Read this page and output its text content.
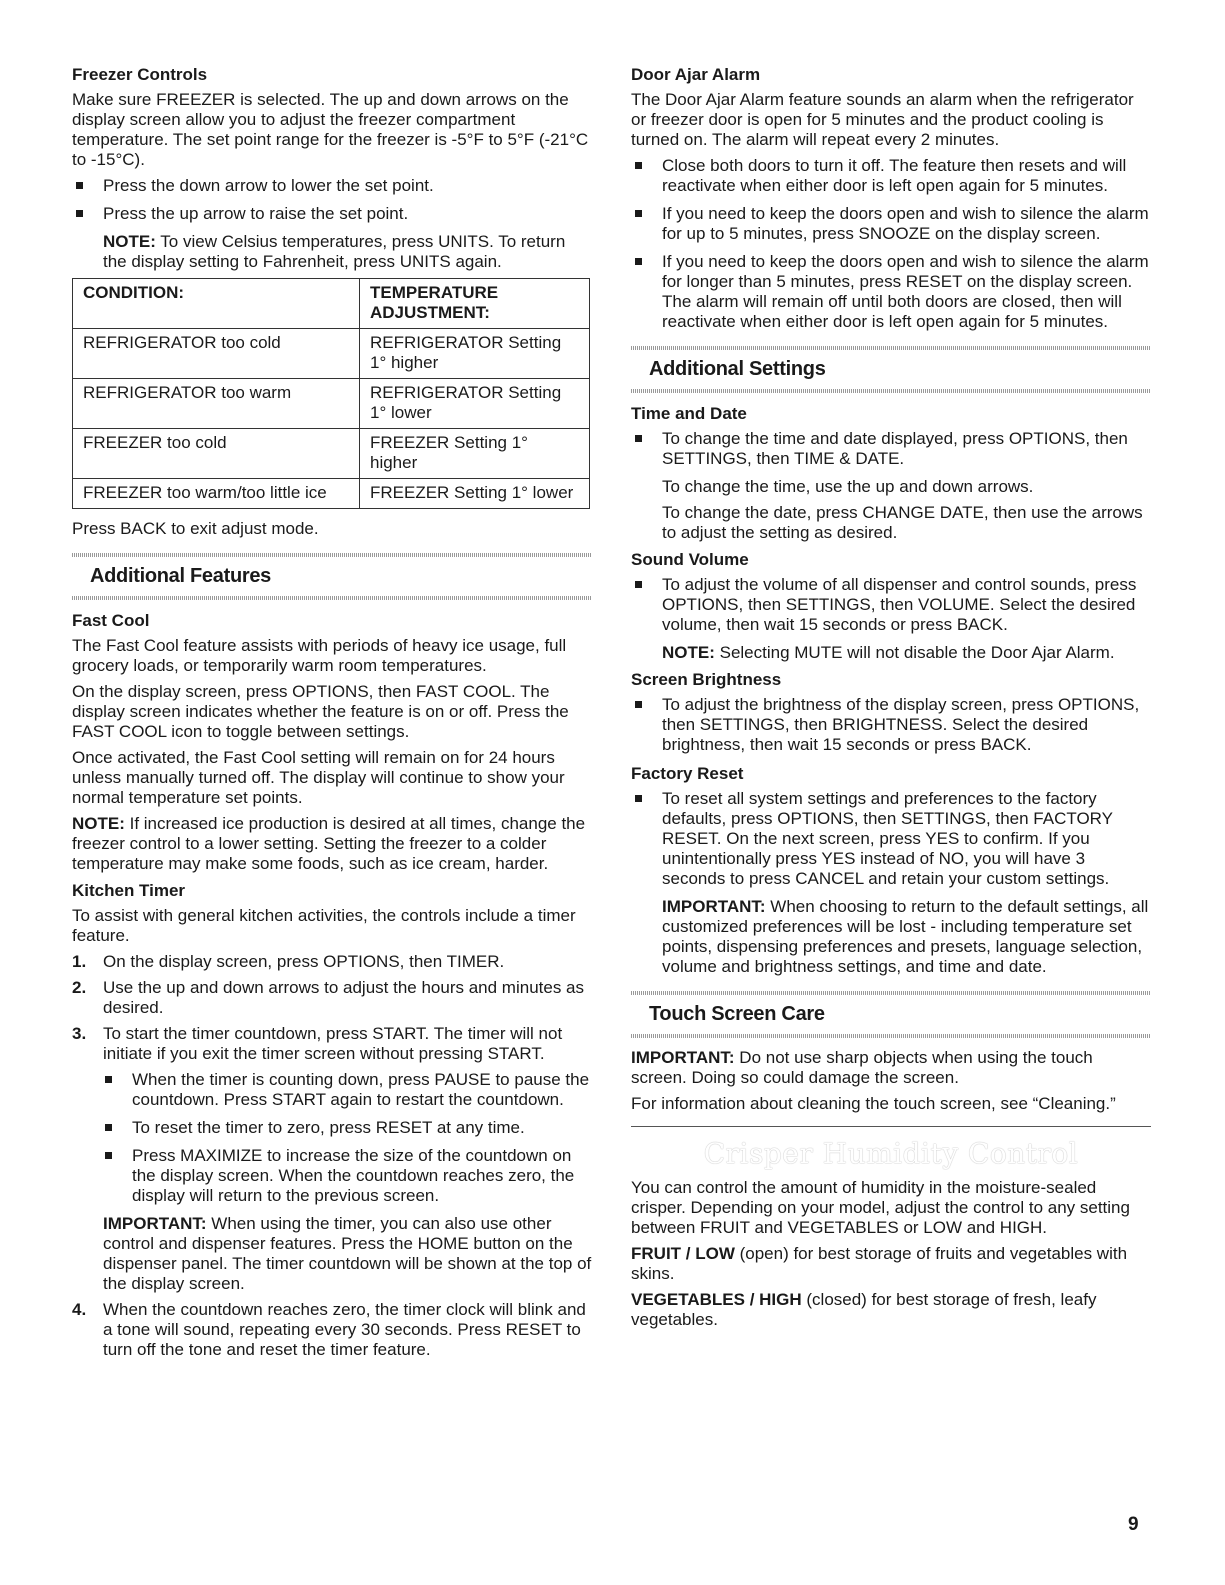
Freezer Controls

Make sure FREEZER is selected. The up and down arrows on the display screen allow you to adjust the freezer compartment temperature. The set point range for the freezer is -5°F to 5°F (-21°C to -15°C).

Press the down arrow to lower the set point.
Press the up arrow to raise the set point.

NOTE: To view Celsius temperatures, press UNITS. To return the display setting to Fahrenheit, press UNITS again.

CONDITION:	TEMPERATURE ADJUSTMENT:
REFRIGERATOR too cold	REFRIGERATOR Setting 1° higher
REFRIGERATOR too warm	REFRIGERATOR Setting 1° lower
FREEZER too cold	FREEZER Setting 1° higher
FREEZER too warm/too little ice	FREEZER Setting 1° lower

Press BACK to exit adjust mode.

Additional Features
Fast Cool

The Fast Cool feature assists with periods of heavy ice usage, full grocery loads, or temporarily warm room temperatures.

On the display screen, press OPTIONS, then FAST COOL. The display screen indicates whether the feature is on or off. Press the FAST COOL icon to toggle between settings.

Once activated, the Fast Cool setting will remain on for 24 hours unless manually turned off. The display will continue to show your normal temperature set points.

NOTE: If increased ice production is desired at all times, change the freezer control to a lower setting. Setting the freezer to a colder temperature may make some foods, such as ice cream, harder.

Kitchen Timer

To assist with general kitchen activities, the controls include a timer feature.

1. On the display screen, press OPTIONS, then TIMER.
2. Use the up and down arrows to adjust the hours and minutes as desired.
3. To start the timer countdown, press START. The timer will not initiate if you exit the timer screen without pressing START.
When the timer is counting down, press PAUSE to pause the countdown. Press START again to restart the countdown.
To reset the timer to zero, press RESET at any time.
Press MAXIMIZE to increase the size of the countdown on the display screen. When the countdown reaches zero, the display will return to the previous screen.

IMPORTANT: When using the timer, you can also use other control and dispenser features. Press the HOME button on the dispenser panel. The timer countdown will be shown at the top of the display screen.

4. When the countdown reaches zero, the timer clock will blink and a tone will sound, repeating every 30 seconds. Press RESET to turn off the tone and reset the timer feature.
Door Ajar Alarm

The Door Ajar Alarm feature sounds an alarm when the refrigerator or freezer door is open for 5 minutes and the product cooling is turned on. The alarm will repeat every 2 minutes.

Close both doors to turn it off. The feature then resets and will reactivate when either door is left open again for 5 minutes.
If you need to keep the doors open and wish to silence the alarm for up to 5 minutes, press SNOOZE on the display screen.
If you need to keep the doors open and wish to silence the alarm for longer than 5 minutes, press RESET on the display screen. The alarm will remain off until both doors are closed, then will reactivate when either door is left open again for 5 minutes.
Additional Settings
Time and Date
To change the time and date displayed, press OPTIONS, then SETTINGS, then TIME & DATE.

To change the time, use the up and down arrows.

To change the date, press CHANGE DATE, then use the arrows to adjust the setting as desired.

Sound Volume
To adjust the volume of all dispenser and control sounds, press OPTIONS, then SETTINGS, then VOLUME. Select the desired volume, then wait 15 seconds or press BACK.

NOTE: Selecting MUTE will not disable the Door Ajar Alarm.

Screen Brightness
To adjust the brightness of the display screen, press OPTIONS, then SETTINGS, then BRIGHTNESS. Select the desired brightness, then wait 15 seconds or press BACK.
Factory Reset
To reset all system settings and preferences to the factory defaults, press OPTIONS, then SETTINGS, then FACTORY RESET. On the next screen, press YES to confirm. If you unintentionally press YES instead of NO, you will have 3 seconds to press CANCEL and retain your custom settings.

IMPORTANT: When choosing to return to the default settings, all customized preferences will be lost - including temperature set points, dispensing preferences and presets, language selection, volume and brightness settings, and time and date.

Touch Screen Care

IMPORTANT: Do not use sharp objects when using the touch screen. Doing so could damage the screen.

For information about cleaning the touch screen, see “Cleaning.”

Crisper Humidity Control

You can control the amount of humidity in the moisture-sealed crisper. Depending on your model, adjust the control to any setting between FRUIT and VEGETABLES or LOW and HIGH.

FRUIT / LOW (open) for best storage of fruits and vegetables with skins.

VEGETABLES / HIGH (closed) for best storage of fresh, leafy vegetables.

9
